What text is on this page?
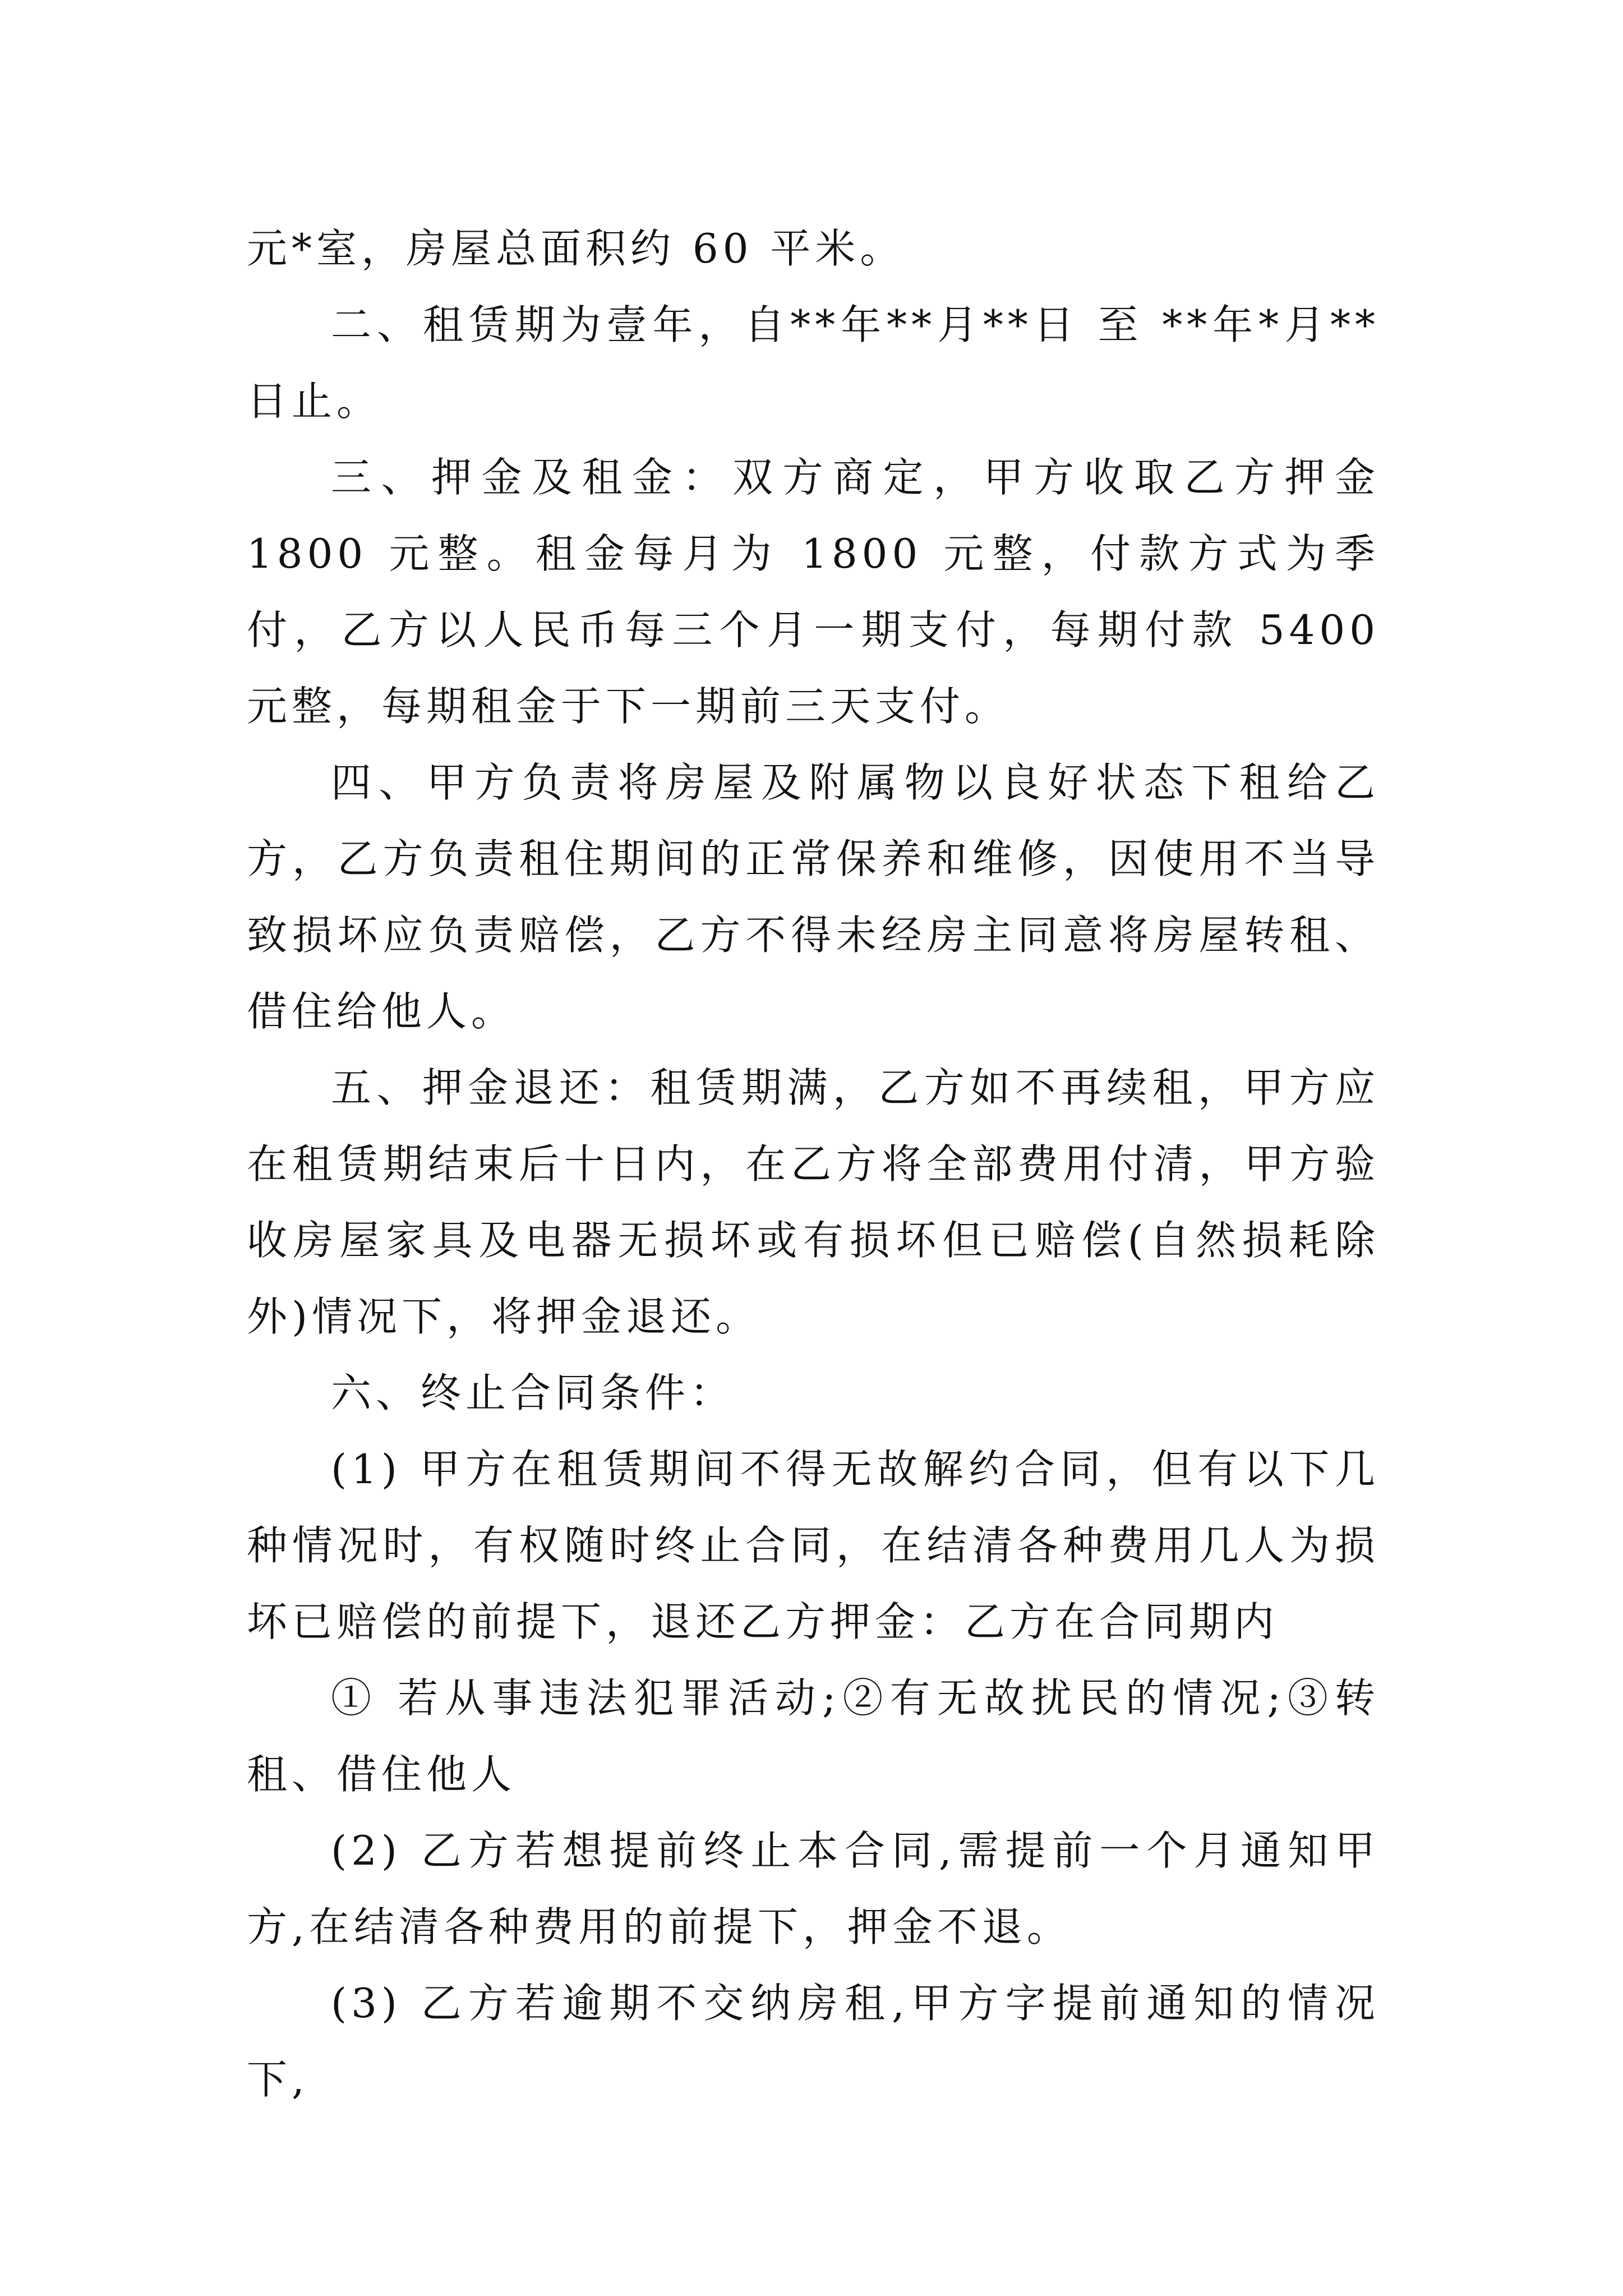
元*室，房屋总面积约 60 平米。

二、租赁期为壹年，自**年**月**日 至 **年*月**日止。

三、押金及租金：双方商定，甲方收取乙方押金 1800 元整。租金每月为 1800 元整，付款方式为季付，乙方以人民币每三个月一期支付，每期付款 5400 元整，每期租金于下一期前三天支付。

四、甲方负责将房屋及附属物以良好状态下租给乙方，乙方负责租住期间的正常保养和维修，因使用不当导致损坏应负责赔偿，乙方不得未经房主同意将房屋转租、借住给他人。

五、押金退还：租赁期满，乙方如不再续租，甲方应在租赁期结束后十日内，在乙方将全部费用付清，甲方验收房屋家具及电器无损坏或有损坏但已赔偿(自然损耗除外)情况下，将押金退还。

六、终止合同条件：

(1) 甲方在租赁期间不得无故解约合同，但有以下几种情况时，有权随时终止合同，在结清各种费用几人为损坏已赔偿的前提下，退还乙方押金：乙方在合同期内

① 若从事违法犯罪活动;②有无故扰民的情况;③转租、借住他人

(2) 乙方若想提前终止本合同,需提前一个月通知甲方,在结清各种费用的前提下，押金不退。

(3) 乙方若逾期不交纳房租,甲方字提前通知的情况下,
